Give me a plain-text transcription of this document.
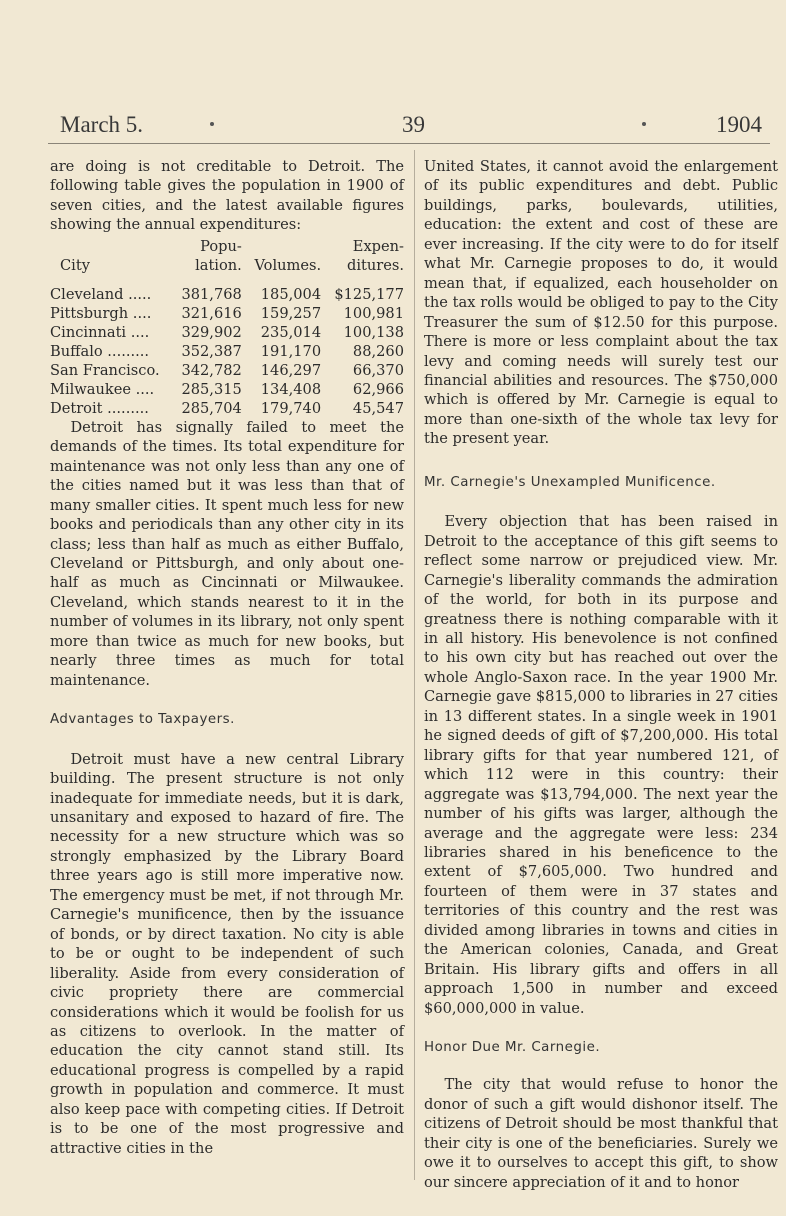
March 5.	39	1904

are doing is not creditable to Detroit. The following table gives the population in 1900 of seven cities, and the latest available figures showing the annual expenditures:

	Popu-		Expen-
City	lation.	Volumes.	ditures.

Cleveland .....	381,768	185,004	$125,177
Pittsburgh ....	321,616	159,257	100,981
Cincinnati ....	329,902	235,014	100,138
Buffalo .........	352,387	191,170	88,260
San Francisco.	342,782	146,297	66,370
Milwaukee ....	285,315	134,408	62,966
Detroit .........	285,704	179,740	45,547

Detroit has signally failed to meet the demands of the times. Its total expenditure for maintenance was not only less than any one of the cities named but it was less than that of many smaller cities. It spent much less for new books and periodicals than any other city in its class; less than half as much as either Buffalo, Cleveland or Pittsburgh, and only about one-half as much as Cincinnati or Milwaukee. Cleveland, which stands nearest to it in the number of volumes in its library, not only spent more than twice as much for new books, but nearly three times as much for total maintenance.

Advantages to Taxpayers.

Detroit must have a new central Library building. The present structure is not only inadequate for immediate needs, but it is dark, unsanitary and exposed to hazard of fire. The necessity for a new structure which was so strongly emphasized by the Library Board three years ago is still more imperative now. The emergency must be met, if not through Mr. Carnegie's munificence, then by the issuance of bonds, or by direct taxation. No city is able to be or ought to be independent of such liberality. Aside from every consideration of civic propriety there are commercial considerations which it would be foolish for us as citizens to overlook. In the matter of education the city cannot stand still. Its educational progress is compelled by a rapid growth in population and commerce. It must also keep pace with competing cities. If Detroit is to be one of the most progressive and attractive cities in the

United States, it cannot avoid the enlargement of its public expenditures and debt. Public buildings, parks, boulevards, utilities, education: the extent and cost of these are ever increasing. If the city were to do for itself what Mr. Carnegie proposes to do, it would mean that, if equalized, each householder on the tax rolls would be obliged to pay to the City Treasurer the sum of $12.50 for this purpose. There is more or less complaint about the tax levy and coming needs will surely test our financial abilities and resources. The $750,000 which is offered by Mr. Carnegie is equal to more than one-sixth of the whole tax levy for the present year.

Mr. Carnegie's Unexampled Munificence.

Every objection that has been raised in Detroit to the acceptance of this gift seems to reflect some narrow or prejudiced view. Mr. Carnegie's liberality commands the admiration of the world, for both in its purpose and greatness there is nothing comparable with it in all history. His benevolence is not confined to his own city but has reached out over the whole Anglo-Saxon race. In the year 1900 Mr. Carnegie gave $815,000 to libraries in 27 cities in 13 different states. In a single week in 1901 he signed deeds of gift of $7,200,000. His total library gifts for that year numbered 121, of which 112 were in this country: their aggregate was $13,794,000. The next year the number of his gifts was larger, although the average and the aggregate were less: 234 libraries shared in his beneficence to the extent of $7,605,000. Two hundred and fourteen of them were in 37 states and territories of this country and the rest was divided among libraries in towns and cities in the American colonies, Canada, and Great Britain. His library gifts and offers in all approach 1,500 in number and exceed $60,000,000 in value.

Honor Due Mr. Carnegie.

The city that would refuse to honor the donor of such a gift would dishonor itself. The citizens of Detroit should be most thankful that their city is one of the beneficiaries. Surely we owe it to ourselves to accept this gift, to show our sincere appreciation of it and to honor
